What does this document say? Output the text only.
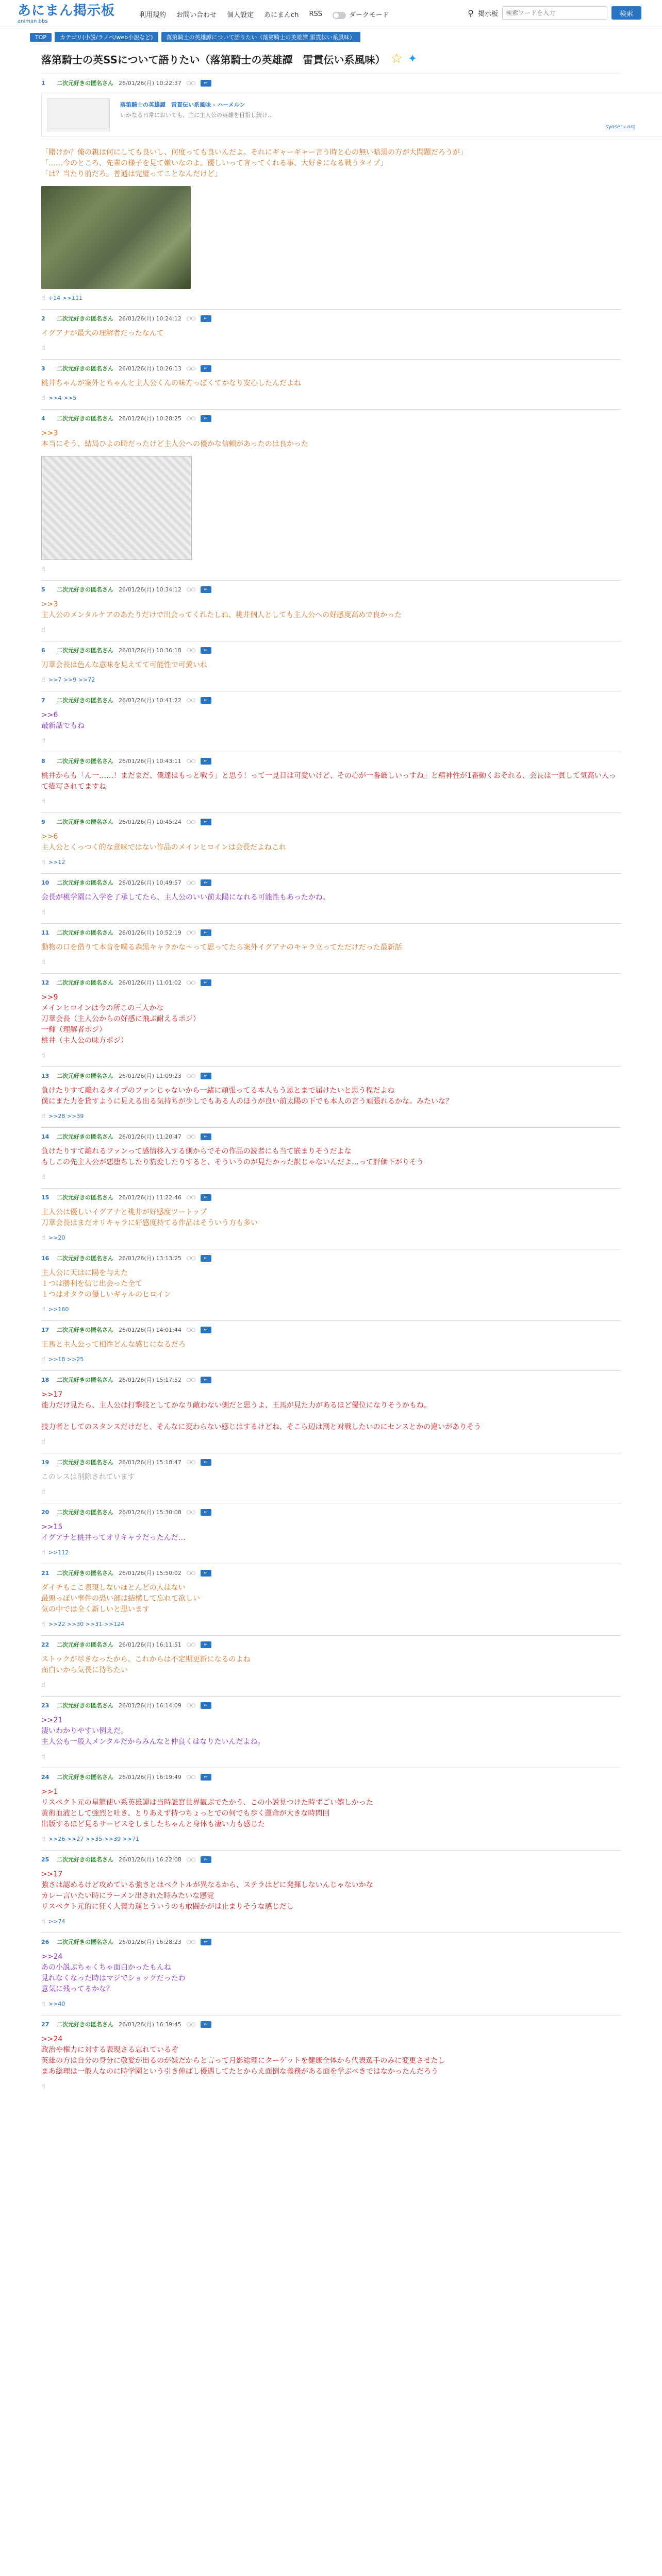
あにまん掲示板
animan bbs
利用規約 お問い合わせ 個人設定 あにまんch RSS	ダークモード	⚲ 掲示板
検索ワードを入力	検索
TOP	カテゴリ(小説/ラノベ/web小説など)	落第騎士の英雄譚について語りたい（落第騎士の英雄譚 雷貫伝い系風味）
落第騎士の英SSについて語りたい（落第騎士の英雄譚　雷貫伝い系風味） ☆ ✦
1	二次元好きの匿名さん 26/01/26(月) 10:22:37 ○○	↵
落第騎士の英雄譚　雷貫伝い系風味 - ハーメルン
いかなる日常においても、主に主人公の英雄を目指し続け...
syosetu.org
「賭けか？俺の親は何にしても良いし、何度っても良いんだよ。それにギャーギャー言う時と心の無い暗黒の方が大問題だろうが」
「……今のところ、先輩の様子を見て嫌いなのよ。優しいって言ってくれる事、大好きになる戦うタイプ」
「は？当たり前だろ。普通は完璧ってことなんだけど」
☝ +14 >>111
2	二次元好きの匿名さん 26/01/26(月) 10:24:12 ○○	↵
イグアナが最大の理解者だったなんて
☝
3	二次元好きの匿名さん 26/01/26(月) 10:26:13 ○○	↵
桃井ちゃんが案外とちゃんと主人公くんの味方っぽくてかなり安心したんだよね
☝ >>4 >>5
4	二次元好きの匿名さん 26/01/26(月) 10:28:25 ○○	↵
>>3
本当にそう、結局ひよの時だったけど主人公への優かな信頼があったのは良かった
☝
5	二次元好きの匿名さん 26/01/26(月) 10:34:12 ○○	↵
>>3
主人公のメンタルケアのあたりだけで出会ってくれたしね、桃井個人としても主人公への好感度高めで良かった
☝
6	二次元好きの匿名さん 26/01/26(月) 10:36:18 ○○	↵
刀華会長は色んな意味を見えてて可能性で可愛いね
☝ >>7 >>9 >>72
7	二次元好きの匿名さん 26/01/26(月) 10:41:22 ○○	↵
>>6
最新話でもね
☝
8	二次元好きの匿名さん 26/01/26(月) 10:43:11 ○○	↵
桃井からも「ん一……！まだまだ、僕達はもっと戦う」と思う！って一見目は可愛いけど、その心が一番厳しいっすね」と精神性が1番動くおそれる、会長は一貫して気高い人って描写されてますね
☝
9	二次元好きの匿名さん 26/01/26(月) 10:45:24 ○○	↵
>>6
主人公とくっつく的な意味ではない作品のメインヒロインは会長だよねこれ
☝ >>12
10	二次元好きの匿名さん 26/01/26(月) 10:49:57 ○○	↵
会長が桃学園に入学を了承してたら、主人公のいい前太陽になれる可能性もあったかね。
☝
11	二次元好きの匿名さん 26/01/26(月) 10:52:19 ○○	↵
動物の口を借りて本音を喋る森黒キャラかな〜って思ってたら案外イグアナのキャラ立ってただけだった最新話
☝
12	二次元好きの匿名さん 26/01/26(月) 11:01:02 ○○	↵
>>9
メインヒロインは今の所この三人かな
刀華会長（主人公からの好感に飛ぶ耐えるポジ）
一輝（理解者ポジ）
桃井（主人公の味方ポジ）
☝
13	二次元好きの匿名さん 26/01/26(月) 11:09:23 ○○	↵
負けたりすて離れるタイプのファンじゃないから一緒に頑張ってる本人もう恩とまで届けたいと思う程だよね
僕にまた力を貸すように見える出る気持ちが少しでもある人のほうが良い前太陽の下でも本人の言う頑張れるかな。みたいな？
☝ >>28 >>39
14	二次元好きの匿名さん 26/01/26(月) 11:20:47 ○○	↵
負けたりすて離れるファンって感情移入する側からでその作品の読者にも当て嵌まりそうだよな
もしこの先主人公が悪堕ちしたり豹変したりすると、そういうのが見たかった訳じゃないんだよ…って評価下がりそう
☝
15	二次元好きの匿名さん 26/01/26(月) 11:22:46 ○○	↵
主人公は優しいイグアナと桃井が好感度ツートップ
刀華会長はまだオリキャラに好感度持てる作品はそういう方も多い
☝ >>20
16	二次元好きの匿名さん 26/01/26(月) 13:13:25 ○○	↵
主人公に天はに陽を与えた
１つは勝利を信じ出会った全て
１つはオタクの優しいギャルのヒロイン
☝ >>160
17	二次元好きの匿名さん 26/01/26(月) 14:01:44 ○○	↵
王馬と主人公って相性どんな感じになるだろ
☝ >>18 >>25
18	二次元好きの匿名さん 26/01/26(月) 15:17:52 ○○	↵
>>17
能力だけ見たら、主人公は打撃技としてかなり敵わない側だと思うよ、王馬が見た力があるほど優位になりそうかもね。

技力者としてのスタンスだけだと、そんなに変わらない感じはするけどね、そこら辺は割と対戦したいのにセンスとかの違いがありそう
☝
19	二次元好きの匿名さん 26/01/26(月) 15:18:47 ○○	↵
このレスは削除されています
☝
20	二次元好きの匿名さん 26/01/26(月) 15:30:08 ○○	↵
>>15
イグアナと桃井ってオリキャラだったんだ…
☝ >>112
21	二次元好きの匿名さん 26/01/26(月) 15:50:02 ○○	↵
ダイチもここ表現しないほとんどの人はない
最悪っぽい事件の恐い部は結構して忘れて欲しい
気の中では全く新しいと思います
☝ >>22 >>30 >>31 >>124
22	二次元好きの匿名さん 26/01/26(月) 16:11:51 ○○	↵
ストックが尽きなったから、これからは不定期更新になるのよね
面白いから気長に待ちたい
☝
23	二次元好きの匿名さん 26/01/26(月) 16:14:09 ○○	↵
>>21
凄いわかりやすい例えだ。
主人公も一般人メンタルだからみんなと仲良くはなりたいんだよね。
☝
24	二次元好きの匿名さん 26/01/26(月) 16:19:49 ○○	↵
>>1
リスペクト元の星籠使い系英雄譚は当時誰宮世界観ぶでたかう、この小説見つけた時ずごい嬉しかった
黄術血液として強烈と吐き、とりあえず持つちょっとでの何でも歩く運命が大きな時間回
出版するほど見るサービスをしましたちゃんと身体も凄い力も感じた
☝ >>26 >>27 >>35 >>39 >>71
25	二次元好きの匿名さん 26/01/26(月) 16:22:08 ○○	↵
>>17
強さは認めるけど攻めている強さとはベクトルが異なるから、ステラはどに発揮しないんじゃないかな
カレー言いたい時にラーメン出された時みたいな感覚
リスペクト元的に狂く人義力運とういうのも敢闘かがは止まりそうな感じだし
☝ >>74
26	二次元好きの匿名さん 26/01/26(月) 16:28:23 ○○	↵
>>24
あの小説ぶちゃくちゃ面白かったもんね
見れなくなった時はマジでショックだったわ
意気に残ってるかな？
☝ >>40
27	二次元好きの匿名さん 26/01/26(月) 16:39:45 ○○	↵
>>24
政治や権力に対する表現さる忘れているぞ
英雄の方は自分の身分に敬愛が出るのが嫌だからと言って月影総理にターゲットを健康全体から代表選手のみに変更させたし
まあ総理は一般人なのに時学園という引き伸ばし優遇してたとからえ面倒な義務がある面を学ぶべきではなかったんだろう
☝
